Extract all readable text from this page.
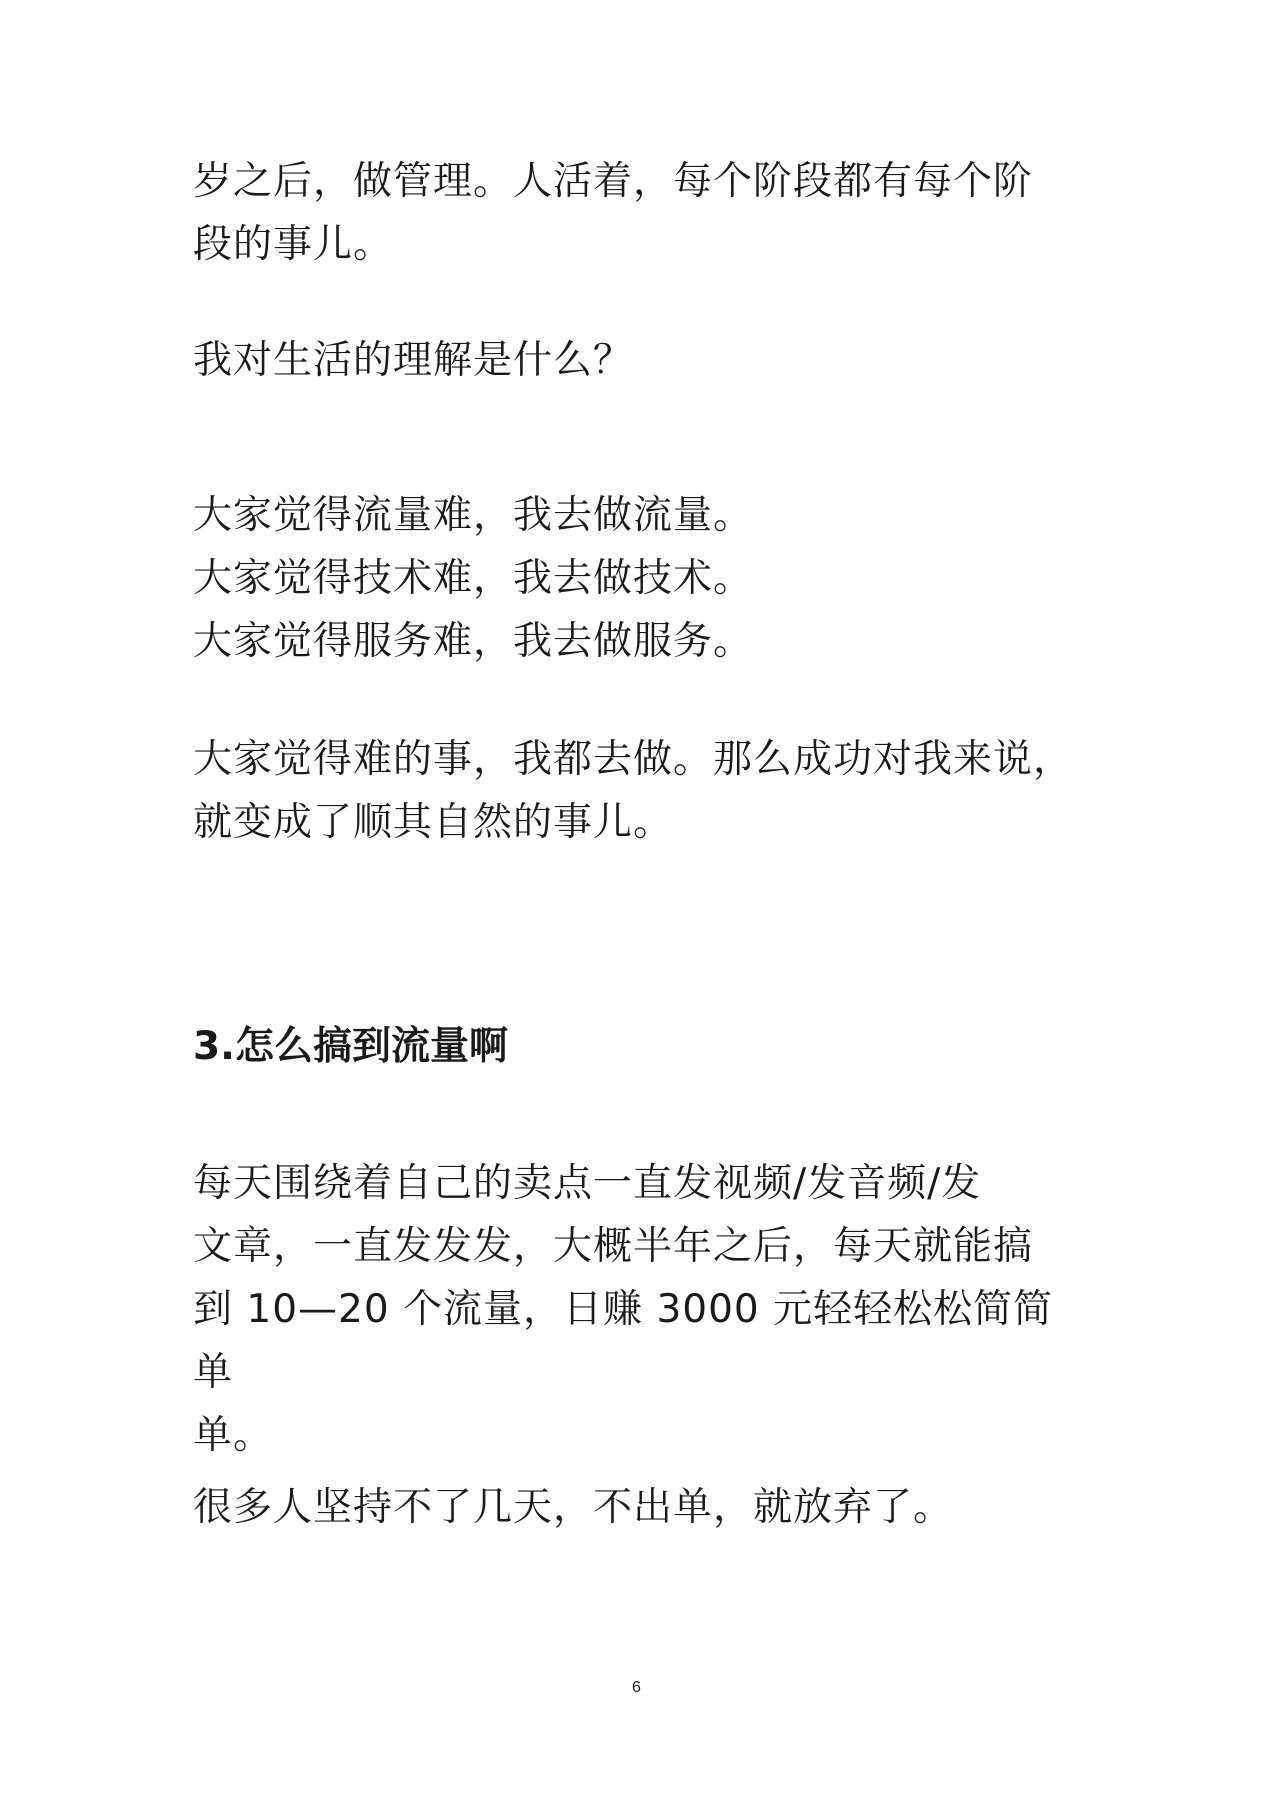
岁之后，做管理。人活着，每个阶段都有每个阶
段的事儿。

我对生活的理解是什么？

大家觉得流量难，我去做流量。
大家觉得技术难，我去做技术。
大家觉得服务难，我去做服务。

大家觉得难的事，我都去做。那么成功对我来说，
就变成了顺其自然的事儿。

3.怎么搞到流量啊

每天围绕着自己的卖点一直发视频/发音频/发
文章，一直发发发，大概半年之后，每天就能搞
到 10—20 个流量，日赚 3000 元轻轻松松简简单
单。

很多人坚持不了几天，不出单，就放弃了。

6
